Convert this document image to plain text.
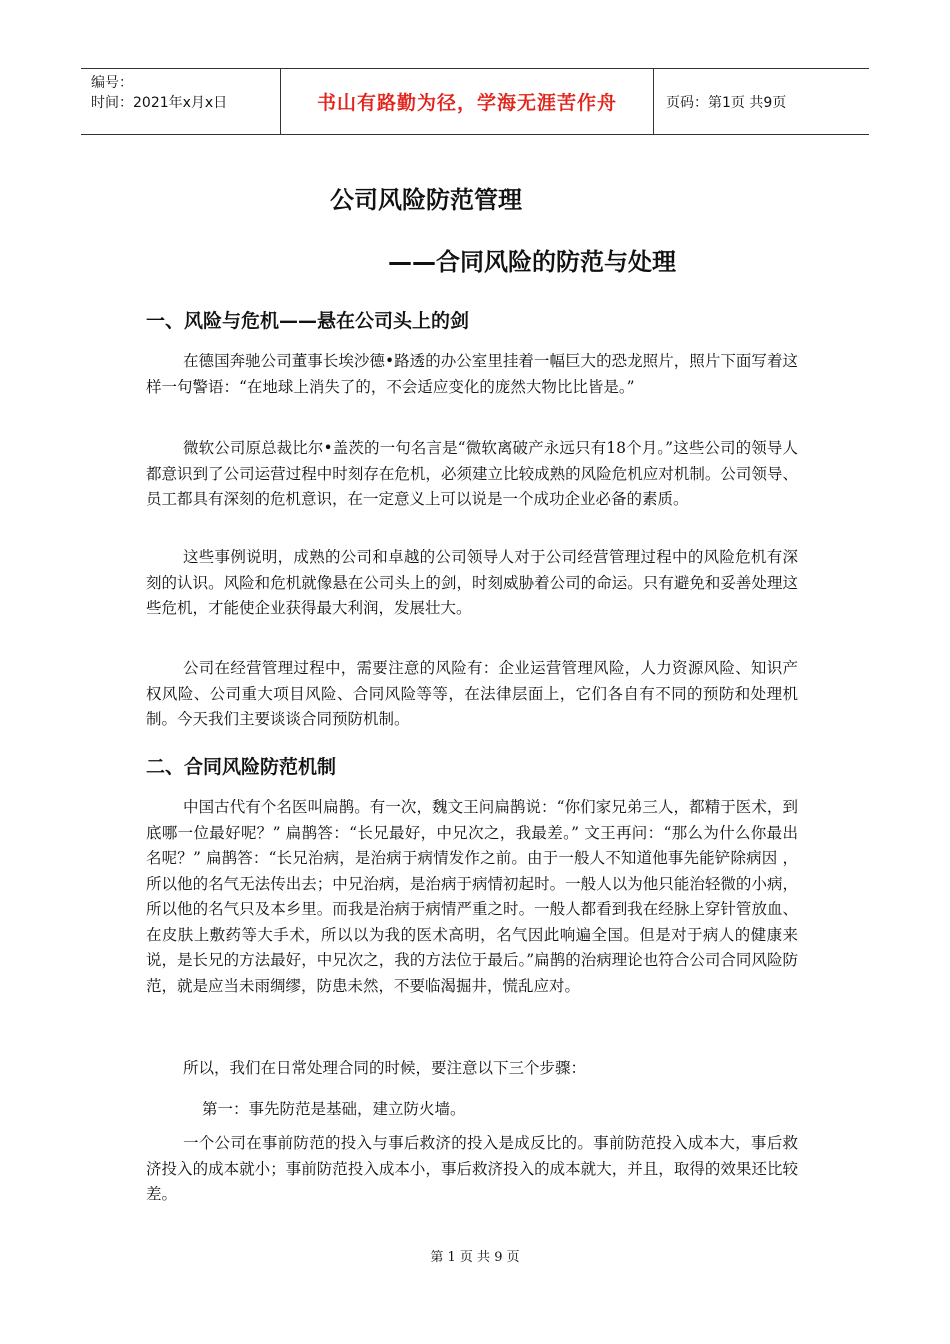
编号：
时间：2021年x月x日	书山有路勤为径，学海无涯苦作舟	页码：第1页 共9页
公司风险防范管理
——合同风险的防范与处理
一、风险与危机——悬在公司头上的剑
在德国奔驰公司董事长埃沙德•路透的办公室里挂着一幅巨大的恐龙照片，照片下面写着这样一句警语：“在地球上消失了的，不会适应变化的庞然大物比比皆是。”
微软公司原总裁比尔•盖茨的一句名言是“微软离破产永远只有18个月。”这些公司的领导人都意识到了公司运营过程中时刻存在危机，必须建立比较成熟的风险危机应对机制。公司领导、员工都具有深刻的危机意识，在一定意义上可以说是一个成功企业必备的素质。
这些事例说明，成熟的公司和卓越的公司领导人对于公司经营管理过程中的风险危机有深刻的认识。风险和危机就像悬在公司头上的剑，时刻威胁着公司的命运。只有避免和妥善处理这些危机，才能使企业获得最大利润，发展壮大。
公司在经营管理过程中，需要注意的风险有：企业运营管理风险，人力资源风险、知识产权风险、公司重大项目风险、合同风险等等，在法律层面上，它们各自有不同的预防和处理机制。今天我们主要谈谈合同预防机制。
二、合同风险防范机制
中国古代有个名医叫扁鹊。有一次，魏文王问扁鹊说：“你们家兄弟三人，都精于医术，到底哪一位最好呢？” 扁鹊答：“长兄最好，中兄次之，我最差。” 文王再问：“那么为什么你最出名呢？” 扁鹊答：“长兄治病，是治病于病情发作之前。由于一般人不知道他事先能铲除病因 ，所以他的名气无法传出去；中兄治病，是治病于病情初起时。一般人以为他只能治轻微的小病，所以他的名气只及本乡里。而我是治病于病情严重之时。一般人都看到我在经脉上穿针管放血、在皮肤上敷药等大手术，所以以为我的医术高明，名气因此响遍全国。但是对于病人的健康来说，是长兄的方法最好，中兄次之，我的方法位于最后。”扁鹊的治病理论也符合公司合同风险防范，就是应当未雨绸缪，防患未然，不要临渴掘井，慌乱应对。
所以，我们在日常处理合同的时候，要注意以下三个步骤：
第一：事先防范是基础，建立防火墙。
一个公司在事前防范的投入与事后救济的投入是成反比的。事前防范投入成本大，事后救济投入的成本就小；事前防范投入成本小，事后救济投入的成本就大，并且，取得的效果还比较差。
第 1 页 共 9 页
